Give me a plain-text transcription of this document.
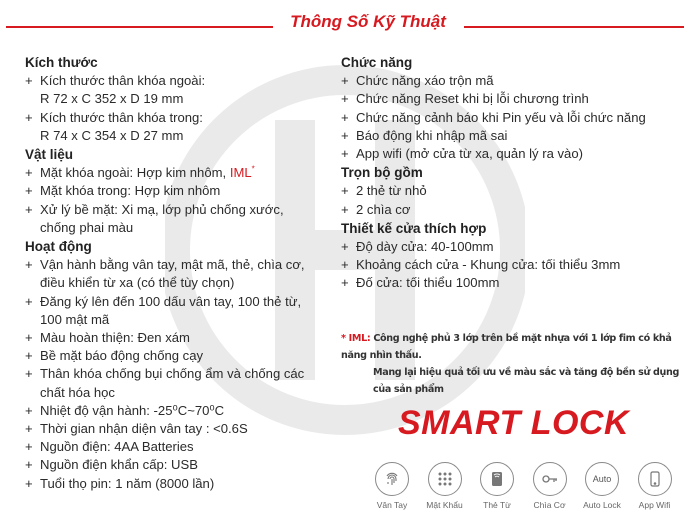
Thông Số Kỹ Thuật
Kích thước
+ Kích thước thân khóa ngoài:
R 72 x C 352 x D 19 mm
+ Kích thước thân khóa trong:
R 74 x C 354 x D 27 mm
Vật liệu
+ Mặt khóa ngoài: Hợp kim nhôm, IML*
+ Mặt khóa trong: Hợp kim nhôm
+ Xử lý bề mặt: Xi mạ, lớp phủ chống xước,
chống phai màu
Hoạt động
+ Vận hành bằng vân tay, mật mã, thẻ, chìa cơ,
điều khiển từ xa (có thể tùy chọn)
+ Đăng ký lên đến 100 dấu vân tay, 100 thẻ từ,
100 mật mã
+ Màu hoàn thiện: Đen xám
+ Bề mặt báo động chống cạy
+ Thân khóa chống bụi chống ẩm và chống các
chất hóa học
+ Nhiệt độ vận hành: -25⁰C~70⁰C
+ Thời gian nhận diện vân tay : <0.6S
+ Nguồn điện: 4AA Batteries
+ Nguồn điện khẩn cấp: USB
+ Tuổi thọ pin: 1 năm (8000 lần)
Chức năng
+ Chức năng xáo trộn mã
+ Chức năng Reset khi bị lỗi chương trình
+ Chức năng cảnh báo khi Pin yếu và lỗi chức năng
+ Báo động khi nhập mã sai
+ App wifi (mở cửa từ xa, quản lý ra vào)
Trọn bộ gồm
+ 2 thẻ từ nhỏ
+ 2 chìa cơ
Thiết kế cửa thích hợp
+ Độ dày cửa: 40-100mm
+ Khoảng cách cửa - Khung cửa: tối thiểu 3mm
+ Đố cửa: tối thiểu 100mm
* IML: Công nghệ phủ 3 lớp trên bề mặt nhựa với 1 lớp fim có khả năng nhìn thấu.
Mang lại hiệu quả tối ưu về màu sắc và tăng độ bền sử dụng của sản phẩm
SMART LOCK
Vân Tay	Mật Khẩu	Thẻ Từ	Chìa Cơ
Auto
Auto Lock	App Wifi
